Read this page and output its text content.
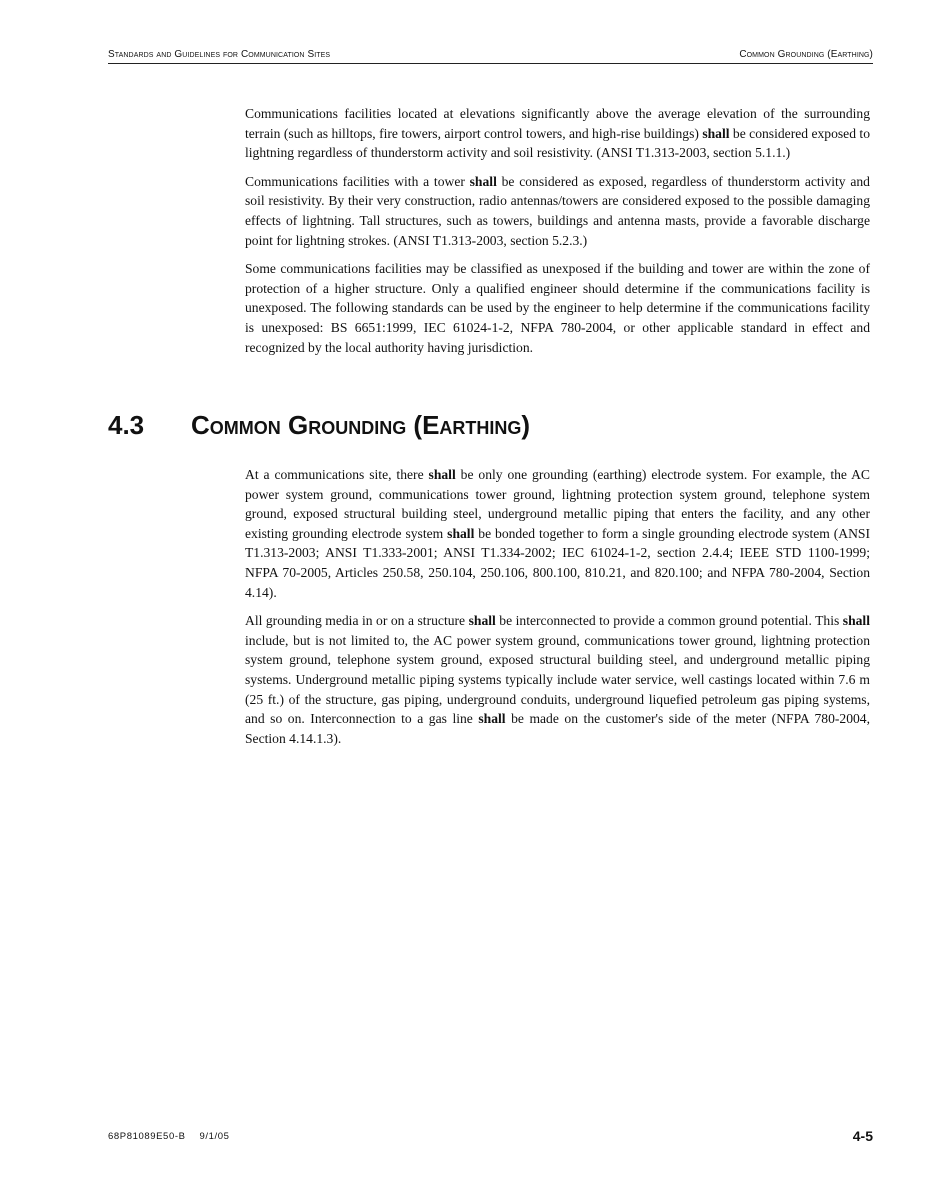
Standards and Guidelines for Communication Sites	Common Grounding (Earthing)

Communications facilities located at elevations significantly above the average elevation of the surrounding terrain (such as hilltops, fire towers, airport control towers, and high-rise buildings) shall be considered exposed to lightning regardless of thunderstorm activity and soil resistivity. (ANSI T1.313-2003, section 5.1.1.)

Communications facilities with a tower shall be considered as exposed, regardless of thunderstorm activity and soil resistivity. By their very construction, radio antennas/towers are considered exposed to the possible damaging effects of lightning. Tall structures, such as towers, buildings and antenna masts, provide a favorable discharge point for lightning strokes. (ANSI T1.313-2003, section 5.2.3.)

Some communications facilities may be classified as unexposed if the building and tower are within the zone of protection of a higher structure. Only a qualified engineer should determine if the communications facility is unexposed. The following standards can be used by the engineer to help determine if the communications facility is unexposed: BS 6651:1999, IEC 61024-1-2, NFPA 780-2004, or other applicable standard in effect and recognized by the local authority having jurisdiction.

4.3 Common Grounding (Earthing)

At a communications site, there shall be only one grounding (earthing) electrode system. For example, the AC power system ground, communications tower ground, lightning protection system ground, telephone system ground, exposed structural building steel, underground metallic piping that enters the facility, and any other existing grounding electrode system shall be bonded together to form a single grounding electrode system (ANSI T1.313-2003; ANSI T1.333-2001; ANSI T1.334-2002; IEC 61024-1-2, section 2.4.4; IEEE STD 1100-1999; NFPA 70-2005, Articles 250.58, 250.104, 250.106, 800.100, 810.21, and 820.100; and NFPA 780-2004, Section 4.14).

All grounding media in or on a structure shall be interconnected to provide a common ground potential. This shall include, but is not limited to, the AC power system ground, communications tower ground, lightning protection system ground, telephone system ground, exposed structural building steel, and underground metallic piping systems. Underground metallic piping systems typically include water service, well castings located within 7.6 m (25 ft.) of the structure, gas piping, underground conduits, underground liquefied petroleum gas piping systems, and so on. Interconnection to a gas line shall be made on the customer's side of the meter (NFPA 780-2004, Section 4.14.1.3).

68P81089E50-B 9/1/05	4-5
